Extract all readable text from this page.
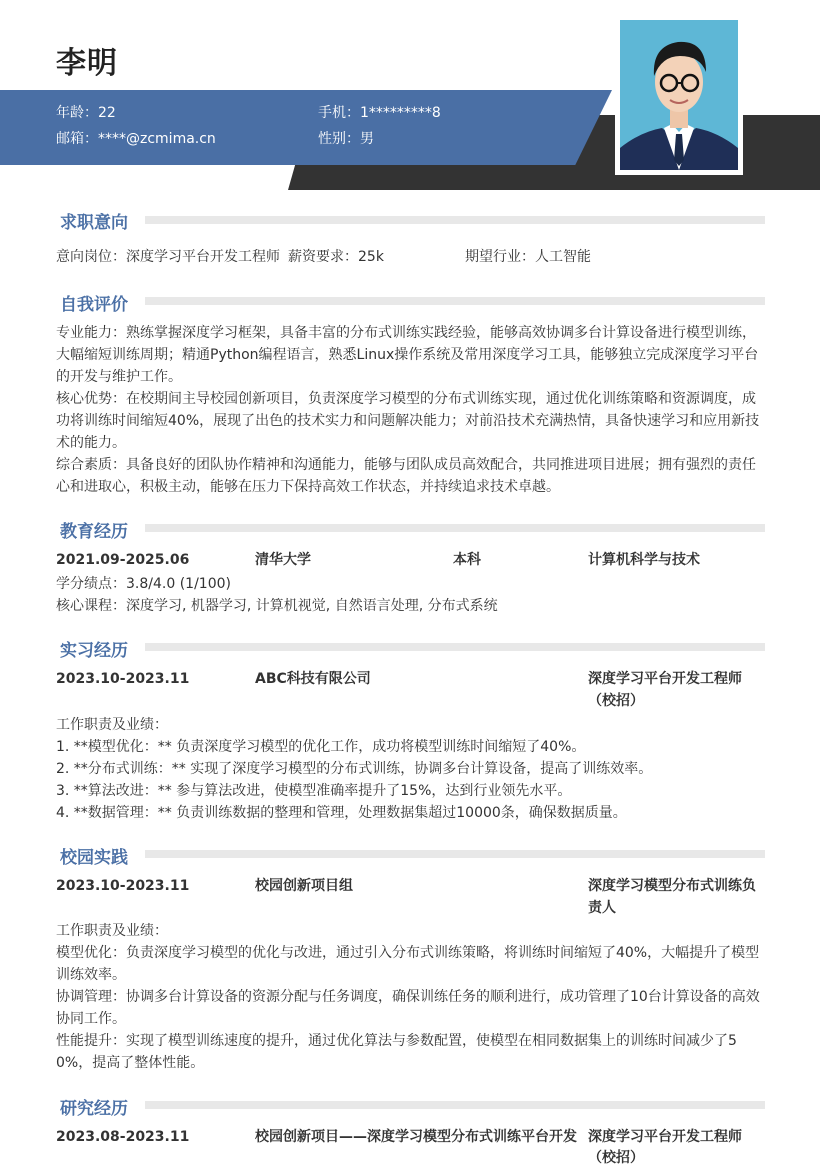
李明
年龄：22	手机：1*********8
邮箱：****@zcmima.cn	性别：男
求职意向
意向岗位：深度学习平台开发工程师 薪资要求：25k	期望行业：人工智能
自我评价
专业能力：熟练掌握深度学习框架，具备丰富的分布式训练实践经验，能够高效协调多台计算设备进行模型训练，大幅缩短训练周期；精通Python编程语言，熟悉Linux操作系统及常用深度学习工具，能够独立完成深度学习平台的开发与维护工作。
核心优势：在校期间主导校园创新项目，负责深度学习模型的分布式训练实现，通过优化训练策略和资源调度，成功将训练时间缩短40%，展现了出色的技术实力和问题解决能力；对前沿技术充满热情，具备快速学习和应用新技术的能力。
综合素质：具备良好的团队协作精神和沟通能力，能够与团队成员高效配合，共同推进项目进展；拥有强烈的责任心和进取心，积极主动，能够在压力下保持高效工作状态，并持续追求技术卓越。
教育经历
2021.09-2025.06	清华大学	本科	计算机科学与技术
学分绩点：3.8/4.0 (1/100)
核心课程：深度学习, 机器学习, 计算机视觉, 自然语言处理, 分布式系统
实习经历
2023.10-2023.11	ABC科技有限公司	深度学习平台开发工程师
（校招）
工作职责及业绩：
1. **模型优化：** 负责深度学习模型的优化工作，成功将模型训练时间缩短了40%。
2. **分布式训练：** 实现了深度学习模型的分布式训练，协调多台计算设备，提高了训练效率。
3. **算法改进：** 参与算法改进，使模型准确率提升了15%，达到行业领先水平。
4. **数据管理：** 负责训练数据的整理和管理，处理数据集超过10000条，确保数据质量。
校园实践
2023.10-2023.11	校园创新项目组	深度学习模型分布式训练负
责人
工作职责及业绩：
模型优化：负责深度学习模型的优化与改进，通过引入分布式训练策略，将训练时间缩短了40%，大幅提升了模型训练效率。
协调管理：协调多台计算设备的资源分配与任务调度，确保训练任务的顺利进行，成功管理了10台计算设备的高效协同工作。
性能提升：实现了模型训练速度的提升，通过优化算法与参数配置，使模型在相同数据集上的训练时间减少了50%，提高了整体性能。
研究经历
2023.08-2023.11	校园创新项目——深度学习模型分布式训练平台开发 深度学习平台开发工程师
（校招）
